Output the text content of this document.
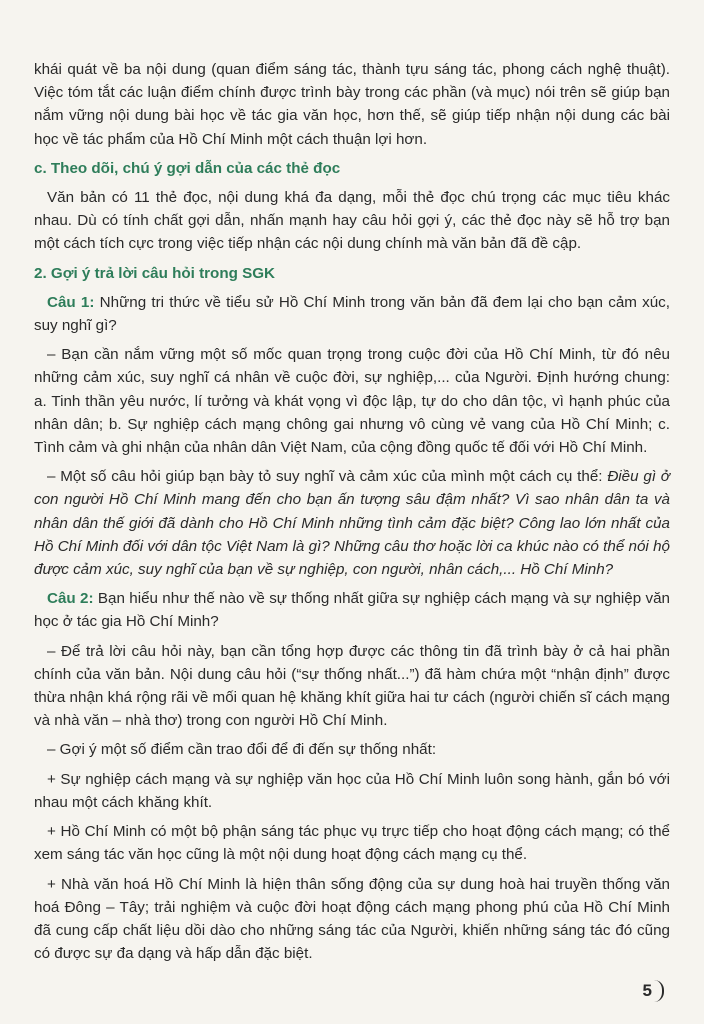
khái quát về ba nội dung (quan điểm sáng tác, thành tựu sáng tác, phong cách nghệ thuật). Việc tóm tắt các luận điểm chính được trình bày trong các phần (và mục) nói trên sẽ giúp bạn nắm vững nội dung bài học về tác gia văn học, hơn thế, sẽ giúp tiếp nhận nội dung các bài học về tác phẩm của Hồ Chí Minh một cách thuận lợi hơn.

c. Theo dõi, chú ý gợi dẫn của các thẻ đọc

Văn bản có 11 thẻ đọc, nội dung khá đa dạng, mỗi thẻ đọc chú trọng các mục tiêu khác nhau. Dù có tính chất gợi dẫn, nhấn mạnh hay câu hỏi gợi ý, các thẻ đọc này sẽ hỗ trợ bạn một cách tích cực trong việc tiếp nhận các nội dung chính mà văn bản đã đề cập.

2. Gợi ý trả lời câu hỏi trong SGK

Câu 1: Những tri thức về tiểu sử Hồ Chí Minh trong văn bản đã đem lại cho bạn cảm xúc, suy nghĩ gì?

– Bạn cần nắm vững một số mốc quan trọng trong cuộc đời của Hồ Chí Minh, từ đó nêu những cảm xúc, suy nghĩ cá nhân về cuộc đời, sự nghiệp,... của Người. Định hướng chung: a. Tinh thần yêu nước, lí tưởng và khát vọng vì độc lập, tự do cho dân tộc, vì hạnh phúc của nhân dân; b. Sự nghiệp cách mạng chông gai nhưng vô cùng vẻ vang của Hồ Chí Minh; c. Tình cảm và ghi nhận của nhân dân Việt Nam, của cộng đồng quốc tế đối với Hồ Chí Minh.

– Một số câu hỏi giúp bạn bày tỏ suy nghĩ và cảm xúc của mình một cách cụ thể: Điều gì ở con người Hồ Chí Minh mang đến cho bạn ấn tượng sâu đậm nhất? Vì sao nhân dân ta và nhân dân thế giới đã dành cho Hồ Chí Minh những tình cảm đặc biệt? Công lao lớn nhất của Hồ Chí Minh đối với dân tộc Việt Nam là gì? Những câu thơ hoặc lời ca khúc nào có thể nói hộ được cảm xúc, suy nghĩ của bạn về sự nghiệp, con người, nhân cách,... Hồ Chí Minh?

Câu 2: Bạn hiểu như thế nào về sự thống nhất giữa sự nghiệp cách mạng và sự nghiệp văn học ở tác gia Hồ Chí Minh?

– Để trả lời câu hỏi này, bạn cần tổng hợp được các thông tin đã trình bày ở cả hai phần chính của văn bản. Nội dung câu hỏi (“sự thống nhất...”) đã hàm chứa một “nhận định” được thừa nhận khá rộng rãi về mối quan hệ khăng khít giữa hai tư cách (người chiến sĩ cách mạng và nhà văn – nhà thơ) trong con người Hồ Chí Minh.

– Gợi ý một số điểm cần trao đổi để đi đến sự thống nhất:

+ Sự nghiệp cách mạng và sự nghiệp văn học của Hồ Chí Minh luôn song hành, gắn bó với nhau một cách khăng khít.

+ Hồ Chí Minh có một bộ phận sáng tác phục vụ trực tiếp cho hoạt động cách mạng; có thể xem sáng tác văn học cũng là một nội dung hoạt động cách mạng cụ thể.

+ Nhà văn hoá Hồ Chí Minh là hiện thân sống động của sự dung hoà hai truyền thống văn hoá Đông – Tây; trải nghiệm và cuộc đời hoạt động cách mạng phong phú của Hồ Chí Minh đã cung cấp chất liệu dồi dào cho những sáng tác của Người, khiến những sáng tác đó cũng có được sự đa dạng và hấp dẫn đặc biệt.

5
